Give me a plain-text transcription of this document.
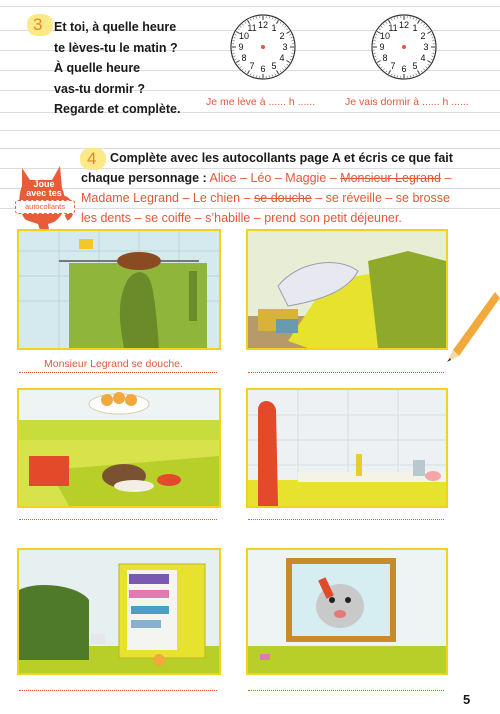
3 Et toi, à quelle heure
te lèves-tu le matin ?
À quelle heure
vas-tu dormir ?
Regarde et complète.
12 1
2
3
4
5
6
7
8
9
10
11	12 1
2
3
4
5
6
7
8
9
10
11
Je me lève à ...... h ......	Je vais dormir à ...... h ......
Joue
avec tes
autocollants
4 Complète avec les autocollants page A et écris ce que fait
chaque personnage : Alice – Léo – Maggie – Monsieur Legrand –
Madame Legrand – Le chien – se douche – se réveille – se brosse
les dents – se coiffe – s’habille – prend son petit déjeuner.
Monsieur Legrand se douche.
5
